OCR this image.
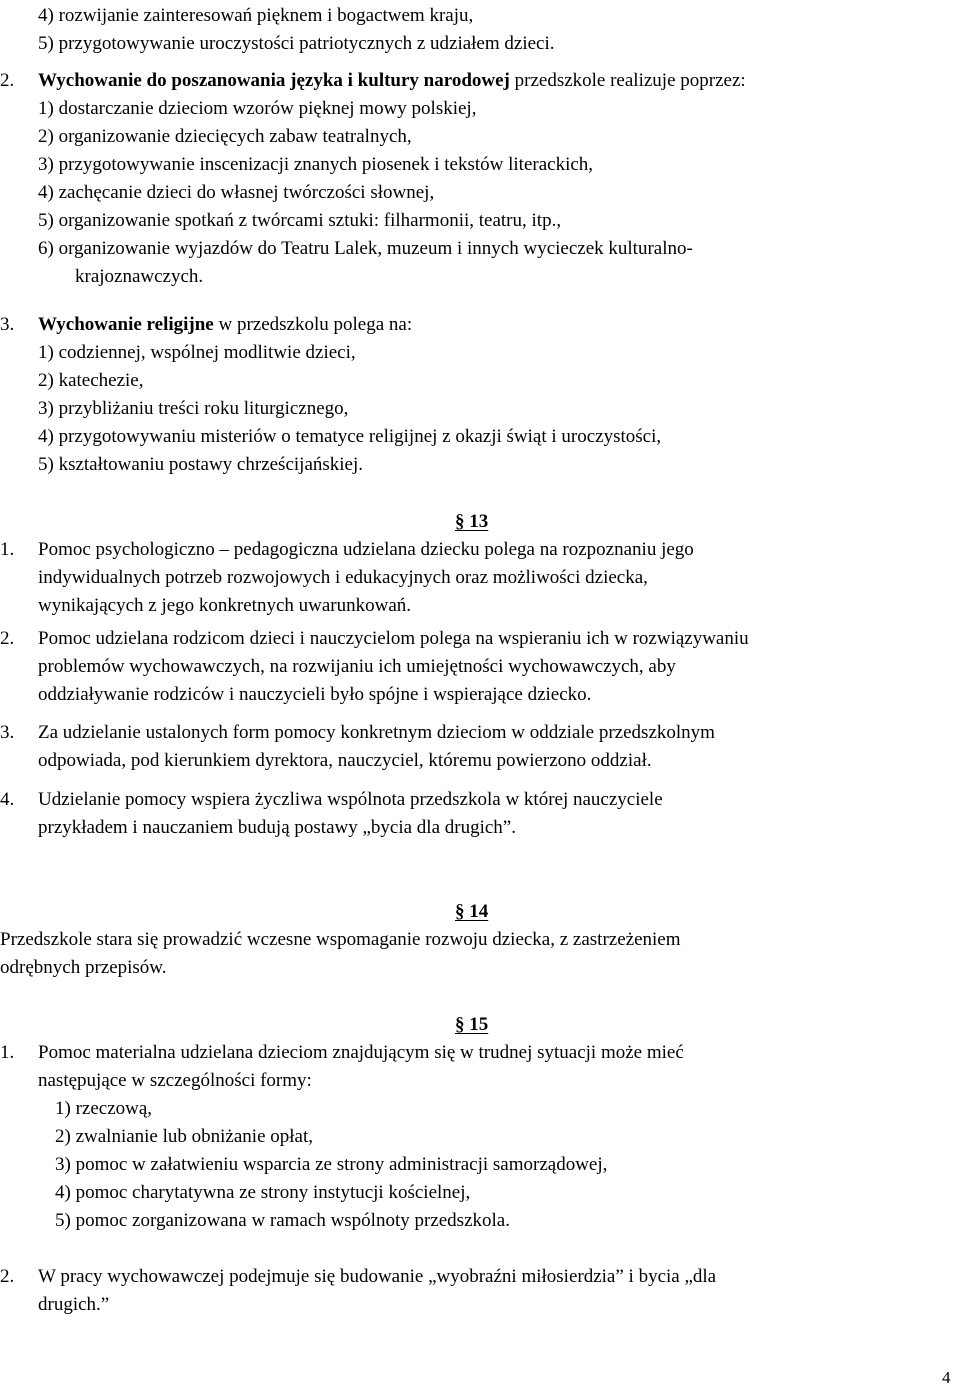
4) rozwijanie zainteresowań pięknem i bogactwem kraju,
5) przygotowywanie uroczystości patriotycznych z udziałem dzieci.
2. Wychowanie do poszanowania języka i kultury narodowej przedszkole realizuje poprzez:
1) dostarczanie dzieciom wzorów pięknej mowy polskiej,
2) organizowanie dziecięcych zabaw teatralnych,
3) przygotowywanie inscenizacji znanych piosenek i tekstów literackich,
4) zachęcanie dzieci do własnej twórczości słownej,
5) organizowanie spotkań z twórcami sztuki: filharmonii, teatru, itp.,
6) organizowanie wyjazdów do Teatru Lalek, muzeum i innych wycieczek kulturalno-
krajoznawczych.
3. Wychowanie religijne w przedszkolu polega na:
1) codziennej, wspólnej modlitwie dzieci,
2) katechezie,
3) przybliżaniu treści roku liturgicznego,
4) przygotowywaniu misteriów o tematyce religijnej z okazji świąt i uroczystości,
5) kształtowaniu postawy chrześcijańskiej.
§ 13
1. Pomoc psychologiczno – pedagogiczna udzielana dziecku polega na rozpoznaniu jego
indywidualnych potrzeb rozwojowych i edukacyjnych oraz możliwości dziecka,
wynikających z jego konkretnych uwarunkowań.
2. Pomoc udzielana rodzicom dzieci i nauczycielom polega na wspieraniu ich w rozwiązywaniu
problemów wychowawczych, na rozwijaniu ich umiejętności wychowawczych, aby
oddziaływanie rodziców i nauczycieli było spójne i wspierające dziecko.
3. Za udzielanie ustalonych form pomocy konkretnym dzieciom w oddziale przedszkolnym
odpowiada, pod kierunkiem dyrektora, nauczyciel, któremu powierzono oddział.
4. Udzielanie pomocy wspiera życzliwa wspólnota przedszkola w której nauczyciele
przykładem i nauczaniem budują postawy „bycia dla drugich”.
§ 14
Przedszkole stara się prowadzić wczesne wspomaganie rozwoju dziecka, z zastrzeżeniem
odrębnych przepisów.
§ 15
1. Pomoc materialna udzielana dzieciom znajdującym się w trudnej sytuacji może mieć
następujące w szczególności formy:
1) rzeczową,
2) zwalnianie lub obniżanie opłat,
3) pomoc w załatwieniu wsparcia ze strony administracji samorządowej,
4) pomoc charytatywna ze strony instytucji kościelnej,
5) pomoc zorganizowana w ramach wspólnoty przedszkola.
2. W pracy wychowawczej podejmuje się budowanie „wyobraźni miłosierdzia” i bycia „dla
drugich.”
4
